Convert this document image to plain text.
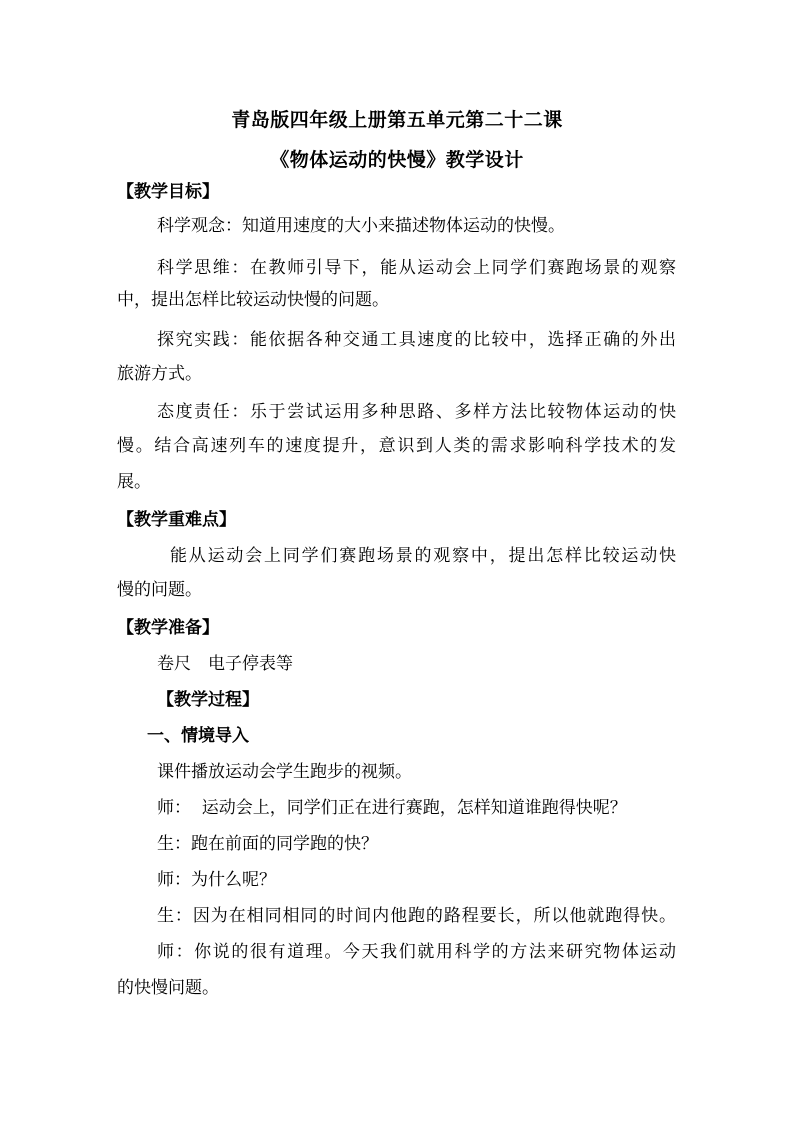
青岛版四年级上册第五单元第二十二课
《物体运动的快慢》教学设计
【教学目标】
科学观念：知道用速度的大小来描述物体运动的快慢。
科学思维：在教师引导下，能从运动会上同学们赛跑场景的观察
中，提出怎样比较运动快慢的问题。
探究实践：能依据各种交通工具速度的比较中，选择正确的外出
旅游方式。
态度责任：乐于尝试运用多种思路、多样方法比较物体运动的快
慢。结合高速列车的速度提升，意识到人类的需求影响科学技术的发
展。
【教学重难点】
能从运动会上同学们赛跑场景的观察中，提出怎样比较运动快
慢的问题。
【教学准备】
卷尺　电子停表等
【教学过程】
一、情境导入
课件播放运动会学生跑步的视频。
师：  运动会上，同学们正在进行赛跑，怎样知道谁跑得快呢？
生：跑在前面的同学跑的快？
师：为什么呢？
生：因为在相同相同的时间内他跑的路程要长，所以他就跑得快。
师：你说的很有道理。今天我们就用科学的方法来研究物体运动
的快慢问题。
